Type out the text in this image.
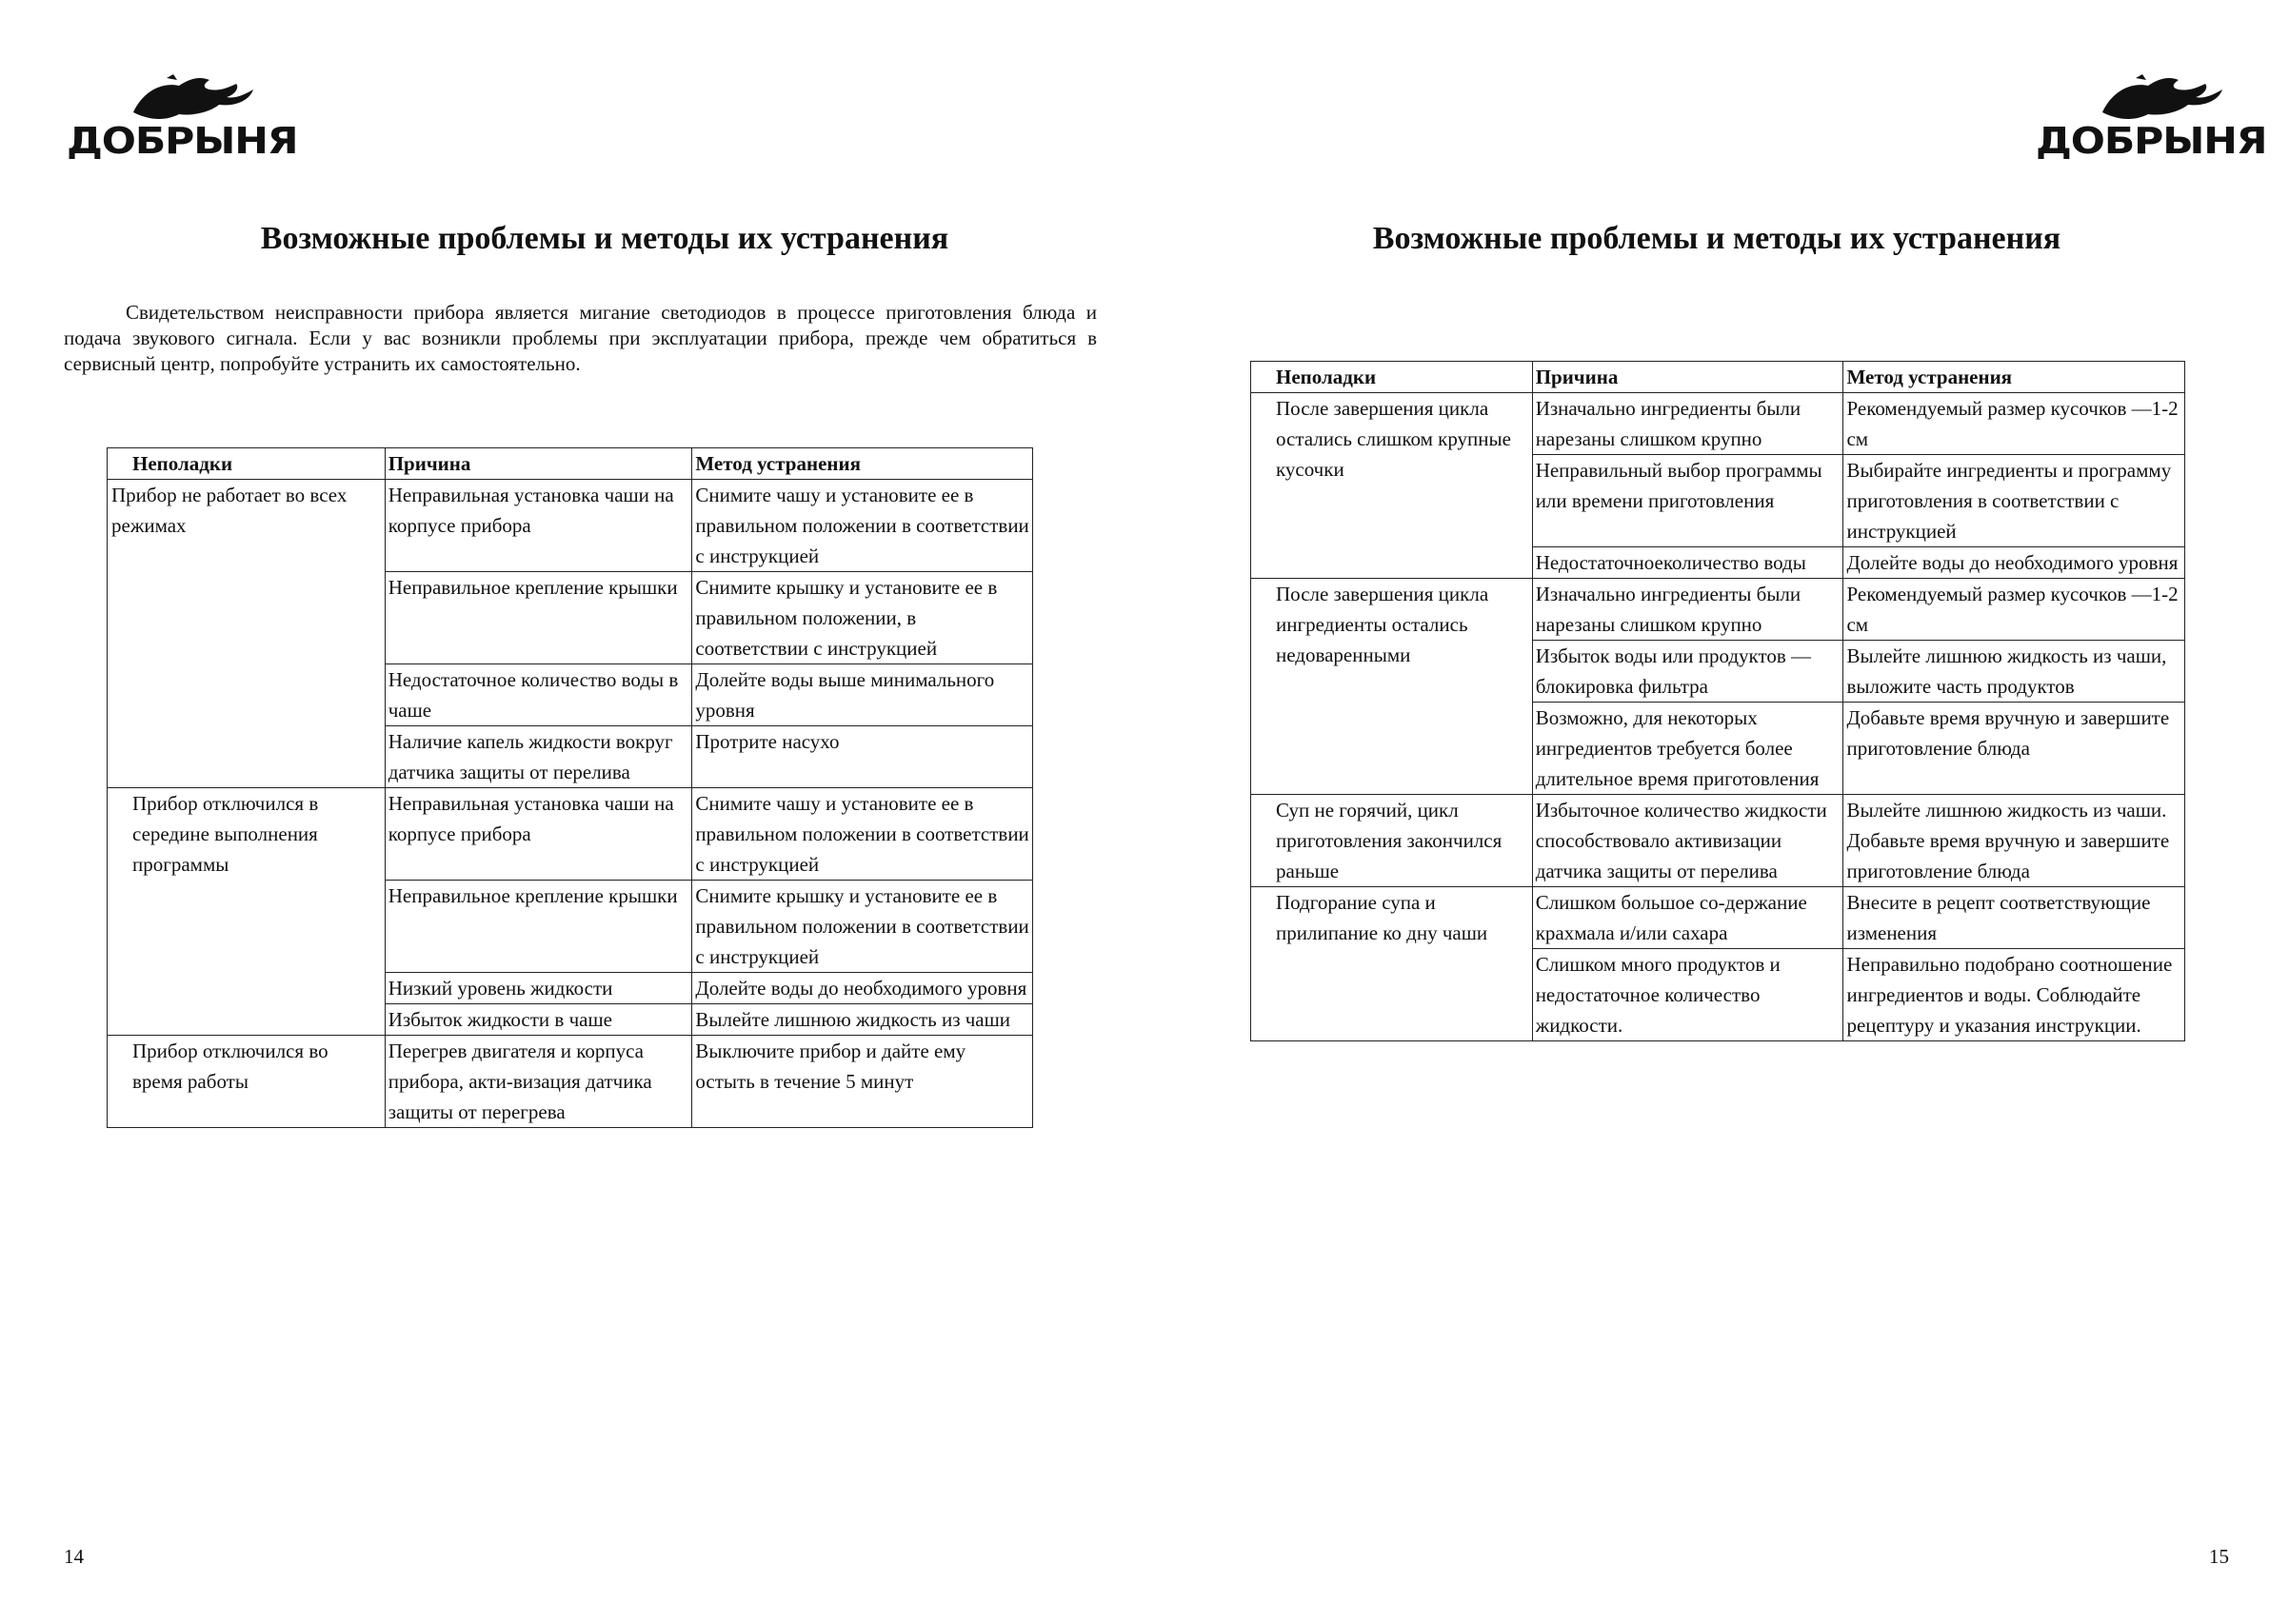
ДОБРЫНЯ	ДОБРЫНЯ
Возможные проблемы и методы их устранения	Возможные проблемы и методы их устранения
Свидетельством неисправности прибора является мигание светодиодов в процессе приготовления блюда и подача звукового сигнала. Если у вас возникли проблемы при эксплуатации прибора, прежде чем обратиться в сервисный центр, попробуйте устранить их самостоятельно.
Неполадки	Причина	Метод устранения
Прибор не работает во всех режимах	Неправильная установка чаши на корпусе прибора	Снимите чашу и установите ее в правильном положении в соответствии с инструкцией
	Неправильное крепление крышки	Снимите крышку и установите ее в правильном положении, в соответствии с инструкцией
	Недостаточное количество воды в чаше	Долейте воды выше минимального уровня
	Наличие капель жидкости вокруг датчика защиты от перелива	Протрите насухо
Прибор отключился в середине выполнения программы	Неправильная установка чаши на корпусе прибора	Снимите чашу и установите ее в правильном положении в соответствии с инструкцией
	Неправильное крепление крышки	Снимите крышку и установите ее в правильном положении в соответствии с инструкцией
	Низкий уровень жидкости	Долейте воды до необходимого уровня
	Избыток жидкости в чаше	Вылейте лишнюю жидкость из чаши
Прибор отключился во время работы	Перегрев двигателя и корпуса прибора, акти-визация датчика защиты от перегрева	Выключите прибор и дайте ему остыть в течение 5 минут
Неполадки	Причина	Метод устранения
После завершения цикла остались слишком крупные кусочки	Изначально ингредиенты были нарезаны слишком крупно	Рекомендуемый размер кусочков —1-2 см
	Неправильный выбор программы или времени приготовления	Выбирайте ингредиенты и программу приготовления в соответствии с инструкцией
	Недостаточноеколичество воды	Долейте воды до необходимого уровня
После завершения цикла ингредиенты остались недоваренными	Изначально ингредиенты были нарезаны слишком крупно	Рекомендуемый размер кусочков —1-2 см
	Избыток воды или продуктов — блокировка фильтра	Вылейте лишнюю жидкость из чаши, выложите часть продуктов
	Возможно, для некоторых ингредиентов требуется более длительное время приготовления	Добавьте время вручную и завершите приготовление блюда
Суп не горячий, цикл приготовления закончился раньше	Избыточное количество жидкости способствовало активизации датчика защиты от перелива	Вылейте лишнюю жидкость из чаши. Добавьте время вручную и завершите приготовление блюда
Подгорание супа и прилипание ко дну чаши	Слишком большое со-держание крахмала и/или сахара	Внесите в рецепт соответствующие изменения
	Слишком много продуктов и недостаточное количество жидкости.	Неправильно подобрано соотношение ингредиентов и воды. Соблюдайте рецептуру и указания инструкции.
14	15
